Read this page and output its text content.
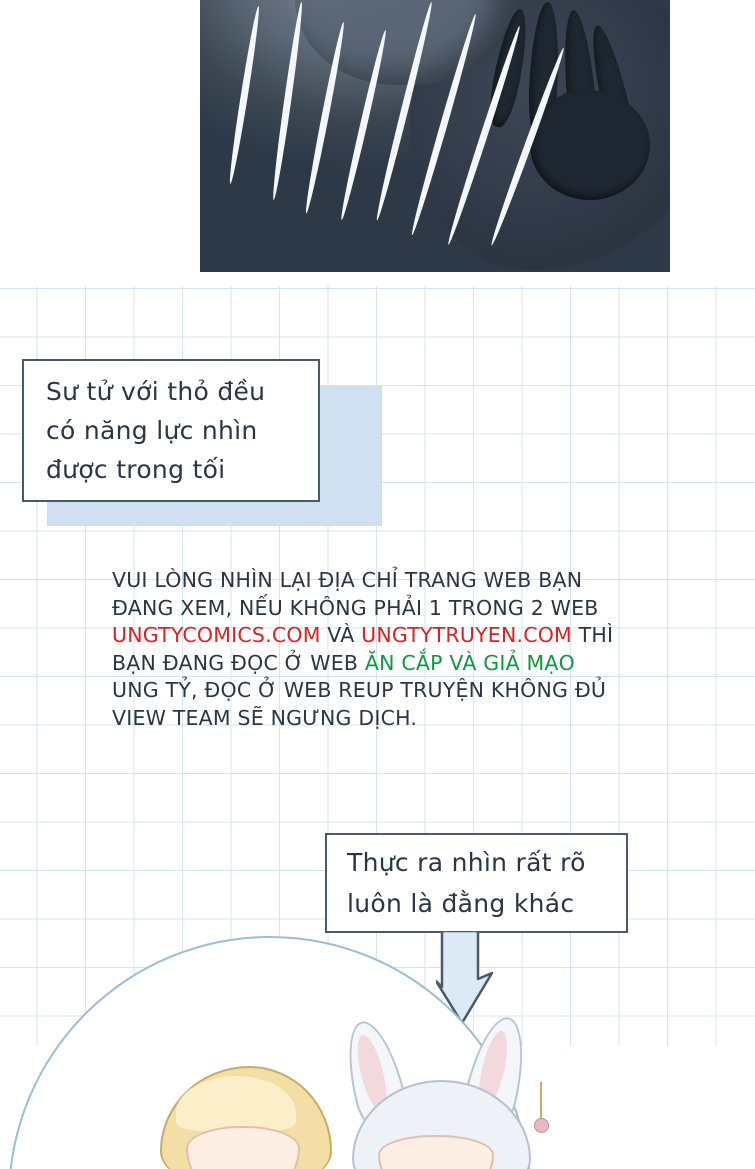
Sư tử với thỏ đều

có năng lực nhìn

được trong tối

VUI LÒNG NHÌN LẠI ĐỊA CHỈ TRANG WEB BẠN
ĐANG XEM, NẾU KHÔNG PHẢI 1 TRONG 2 WEB
UNGTYCOMICS.COM VÀ UNGTYTRUYEN.COM THÌ
BẠN ĐANG ĐỌC Ở WEB ĂN CẮP VÀ GIẢ MẠO
UNG TỶ, ĐỌC Ở WEB REUP TRUYỆN KHÔNG ĐỦ
VIEW TEAM SẼ NGƯNG DỊCH.

Thực ra nhìn rất rõ

luôn là đằng khác
